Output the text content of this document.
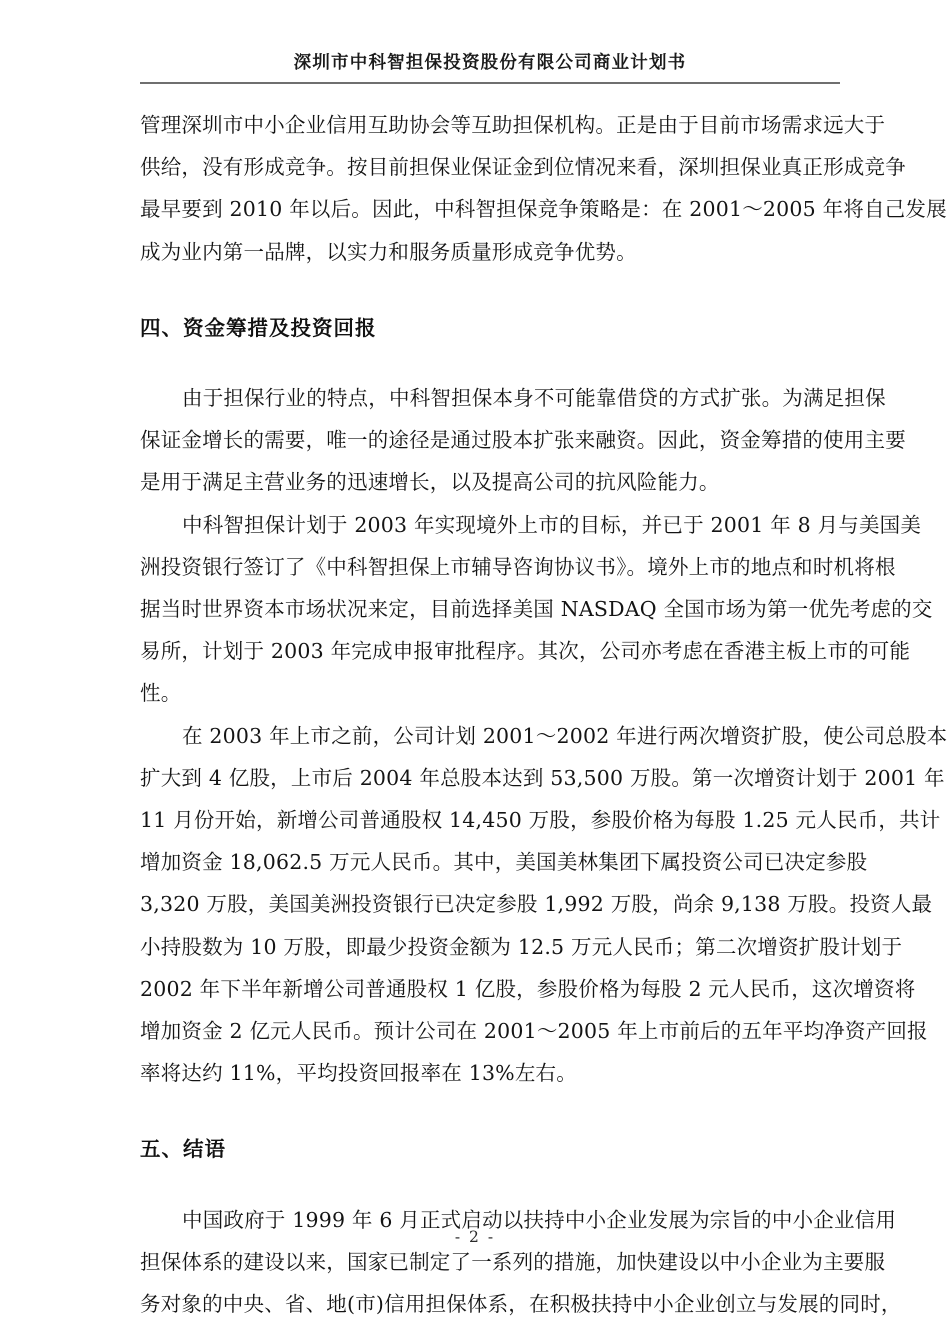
深圳市中科智担保投资股份有限公司商业计划书
管理深圳市中小企业信用互助协会等互助担保机构。正是由于目前市场需求远大于
供给，没有形成竞争。按目前担保业保证金到位情况来看，深圳担保业真正形成竞争
最早要到 2010 年以后。因此，中科智担保竞争策略是：在 2001～2005 年将自己发展
成为业内第一品牌，以实力和服务质量形成竞争优势。
四、资金筹措及投资回报
由于担保行业的特点，中科智担保本身不可能靠借贷的方式扩张。为满足担保
保证金增长的需要，唯一的途径是通过股本扩张来融资。因此，资金筹措的使用主要
是用于满足主营业务的迅速增长，以及提高公司的抗风险能力。
中科智担保计划于 2003 年实现境外上市的目标，并已于 2001 年 8 月与美国美
洲投资银行签订了《中科智担保上市辅导咨询协议书》。境外上市的地点和时机将根
据当时世界资本市场状况来定，目前选择美国 NASDAQ 全国市场为第一优先考虑的交
易所，计划于 2003 年完成申报审批程序。其次，公司亦考虑在香港主板上市的可能
性。
在 2003 年上市之前，公司计划 2001～2002 年进行两次增资扩股，使公司总股本
扩大到 4 亿股，上市后 2004 年总股本达到 53,500 万股。第一次增资计划于 2001 年
11 月份开始，新增公司普通股权 14,450 万股，参股价格为每股 1.25 元人民币，共计
增加资金 18,062.5 万元人民币。其中，美国美林集团下属投资公司已决定参股
3,320 万股，美国美洲投资银行已决定参股 1,992 万股，尚余 9,138 万股。投资人最
小持股数为 10 万股，即最少投资金额为 12.5 万元人民币；第二次增资扩股计划于
2002 年下半年新增公司普通股权 1 亿股，参股价格为每股 2 元人民币，这次增资将
增加资金 2 亿元人民币。预计公司在 2001～2005 年上市前后的五年平均净资产回报
率将达约 11%，平均投资回报率在 13%左右。
五、结语
中国政府于 1999 年 6 月正式启动以扶持中小企业发展为宗旨的中小企业信用
担保体系的建设以来，国家已制定了一系列的措施，加快建设以中小企业为主要服
务对象的中央、省、地(市)信用担保体系，在积极扶持中小企业创立与发展的同时，
- 2 -
